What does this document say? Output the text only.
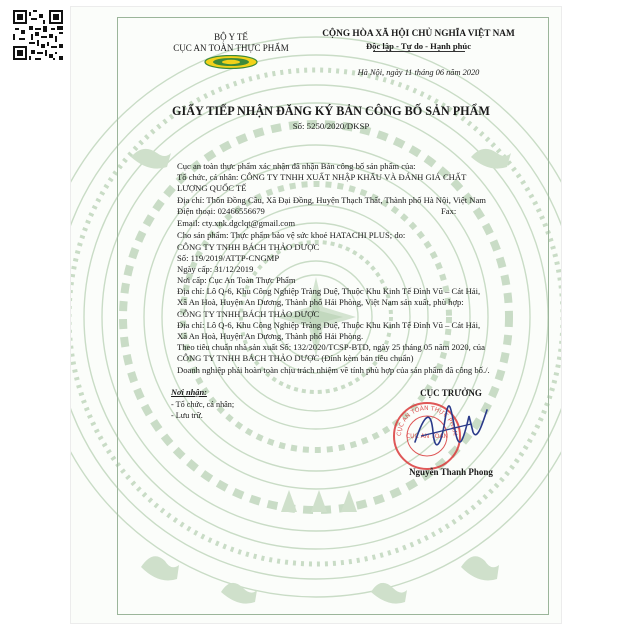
BỘ Y TẾ
CỤC AN TOÀN THỰC PHẨM
CỘNG HÒA XÃ HỘI CHỦ NGHĨA VIỆT NAM
Độc lập - Tự do - Hạnh phúc
Hà Nội, ngày 11 tháng 06 năm 2020
GIẤY TIẾP NHẬN ĐĂNG KÝ BẢN CÔNG BỐ SẢN PHẨM
Số: 5250/2020/DKSP
Cục an toàn thực phẩm xác nhận đã nhận Bản công bố sản phẩm của:
Tổ chức, cá nhân: CÔNG TY TNHH XUẤT NHẬP KHẨU VÀ ĐÁNH GIÁ CHẤT
LƯỢNG QUỐC TẾ
Địa chỉ: Thôn Đồng Cầu, Xã Đại Đồng, Huyện Thạch Thất, Thành phố Hà Nội, Việt Nam
Điện thoại: 02466556679	Fax:
Email: cty.xnk.dgclqt@gmail.com
Cho sản phẩm: Thực phẩm bảo vệ sức khoẻ HATACHI PLUS; do:
CÔNG TY TNHH BÁCH THẢO DƯỢC
Số: 119/2019/ATTP-CNGMP
Ngày cấp: 31/12/2019
Nơi cấp: Cục An Toàn Thực Phẩm
Địa chỉ: Lô Q-6, Khu Công Nghiệp Tràng Duệ, Thuộc Khu Kinh Tế Đình Vũ – Cát Hải,
Xã An Hoà, Huyện An Dương, Thành phố Hải Phòng, Việt Nam sản xuất, phù hợp:
CÔNG TY TNHH BÁCH THẢO DƯỢC
Địa chỉ: Lô Q-6, Khu Công Nghiệp Tràng Duệ, Thuộc Khu Kinh Tế Đình Vũ – Cát Hải,
Xã An Hoà, Huyện An Dương, Thành phố Hải Phòng.
Theo tiêu chuẩn nhà sản xuất Số: 132/2020/TCSP-BTD, ngày 25 tháng 05 năm 2020, của
CÔNG TY TNHH BÁCH THẢO DƯỢC (Đính kèm bản tiêu chuẩn)
Doanh nghiệp phải hoàn toàn chịu trách nhiệm về tính phù hợp của sản phẩm đã công bố./.
Nơi nhận:
- Tổ chức, cá nhân;
- Lưu trữ.
CỤC TRƯỞNG
CỤC AN TOÀN THỰC PHẨM
CỤC AN TOÀN
Nguyễn Thanh Phong
